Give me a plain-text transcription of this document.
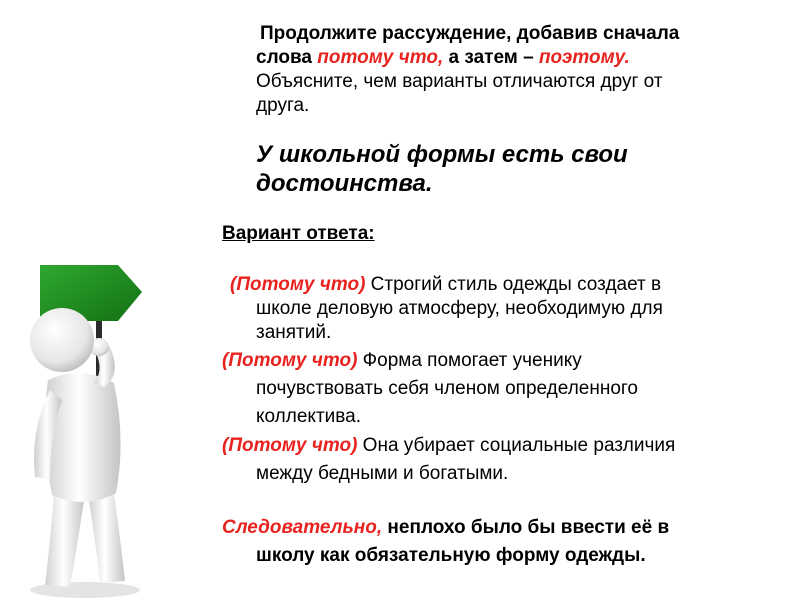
Продолжите рассуждение, добавив сначала
слова потому что, а затем – поэтому.
Объясните, чем варианты отличаются друг от
друга.
У школьной формы есть свои
достоинства.
Вариант ответа:
(Потому что) Строгий стиль одежды создает в
школе деловую атмосферу, необходимую для
занятий.
(Потому что) Форма помогает ученику
почувствовать себя членом определенного
коллектива.
(Потому что) Она убирает социальные различия
между бедными и богатыми.
Следовательно, неплохо было бы ввести её в
школу как обязательную форму одежды.
